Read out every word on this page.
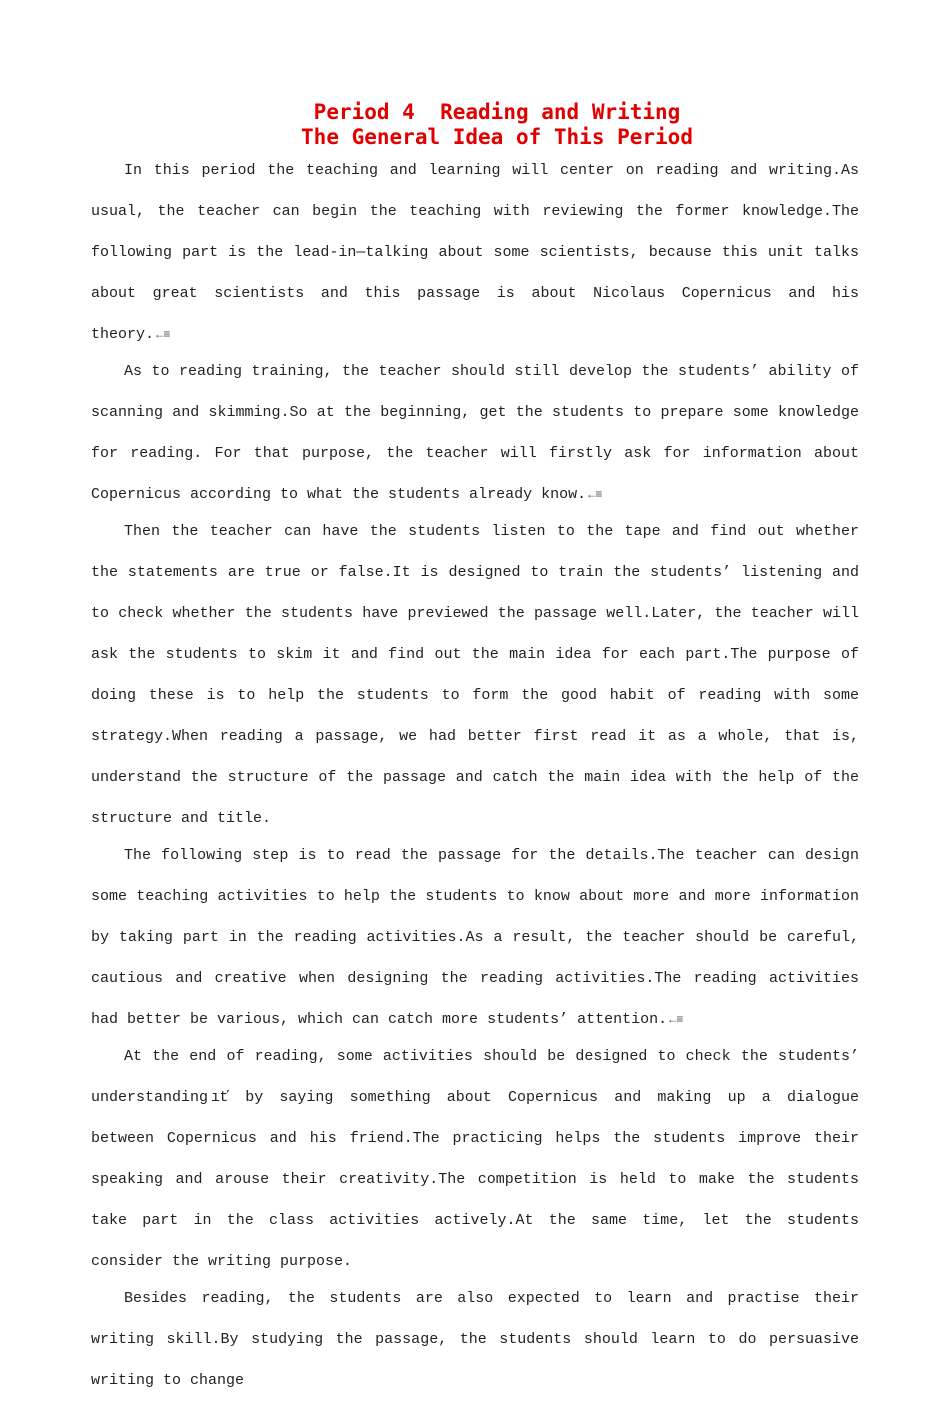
Period 4  Reading and Writing
The General Idea of This Period

In this period the teaching and learning will center on reading and writing.As usual, the teacher can begin the teaching with reviewing the former knowledge.The following part is the lead-in—talking about some scientists, because this unit talks about great scientists and this passage is about Nicolaus Copernicus and his theory. ←≡

As to reading training, the teacher should still develop the students’ ability of scanning and skimming.So at the beginning, get the students to prepare some knowledge for reading. For that purpose, the teacher will firstly ask for information about Copernicus according to what the students already know. ←≡

Then the teacher can have the students listen to the tape and find out whether the statements are true or false.It is designed to train the students’ listening and to check whether the students have previewed the passage well.Later, the teacher will ask the students to skim it and find out the main idea for each part.The purpose of doing these is to help the students to form the good habit of reading with some strategy.When reading a passage, we had better first read it as a whole, that is, understand the structure of the passage and catch the main idea with the help of the structure and title.

The following step is to read the passage for the details.The teacher can design some teaching activities to help the students to know about more and more information by taking part in the reading activities.As a result, the teacher should be careful, cautious and creative when designing the reading activities.The reading activities had better be various, which can catch more students’ attention. ←≡

At the end of reading, some activities should be designed to check the students’ understanding ıť by saying something about Copernicus and making up a dialogue between Copernicus and his friend.The practicing helps the students improve their speaking and arouse their creativity.The competition is held to make the students take part in the class activities actively.At the same time, let the students consider the writing purpose.

Besides reading, the students are also expected to learn and practise their writing skill.By studying the passage, the students should learn to do persuasive writing to change
